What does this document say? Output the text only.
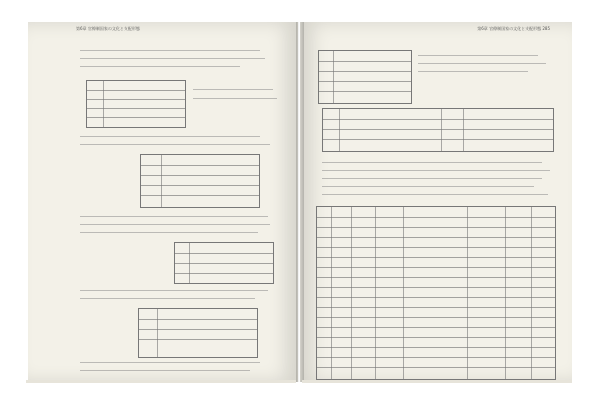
第6章 官僚制国家の文化と支配形態	第6章 官僚制国家の文化と支配形態 285
